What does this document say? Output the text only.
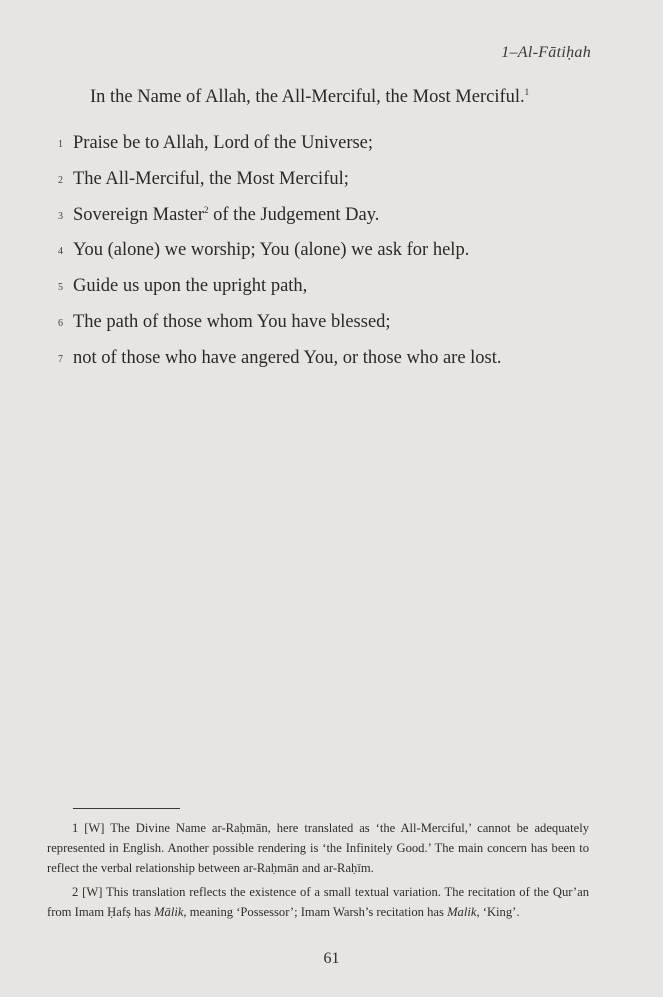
1–Al-Fātiḥah
In the Name of Allah, the All-Merciful, the Most Merciful.$^1$
1 Praise be to Allah, Lord of the Universe;
2 The All-Merciful, the Most Merciful;
3 Sovereign Master$^2$ of the Judgement Day.
4 You (alone) we worship; You (alone) we ask for help.
5 Guide us upon the upright path,
6 The path of those whom You have blessed;
7 not of those who have angered You, or those who are lost.

1 [W] The Divine Name ar-Raḥmān, here translated as ‘the All-Merciful,’ cannot be adequately represented in English. Another possible rendering is ‘the Infinitely Good.’ The main concern has been to reflect the verbal relationship between ar-Raḥmān and ar-Raḥīm.

2 [W] This translation reflects the existence of a small textual variation. The recitation of the Qur’an from Imam Ḥafṣ has Mālik, meaning ‘Possessor’; Imam Warsh’s recitation has Malik, ‘King’.

61
